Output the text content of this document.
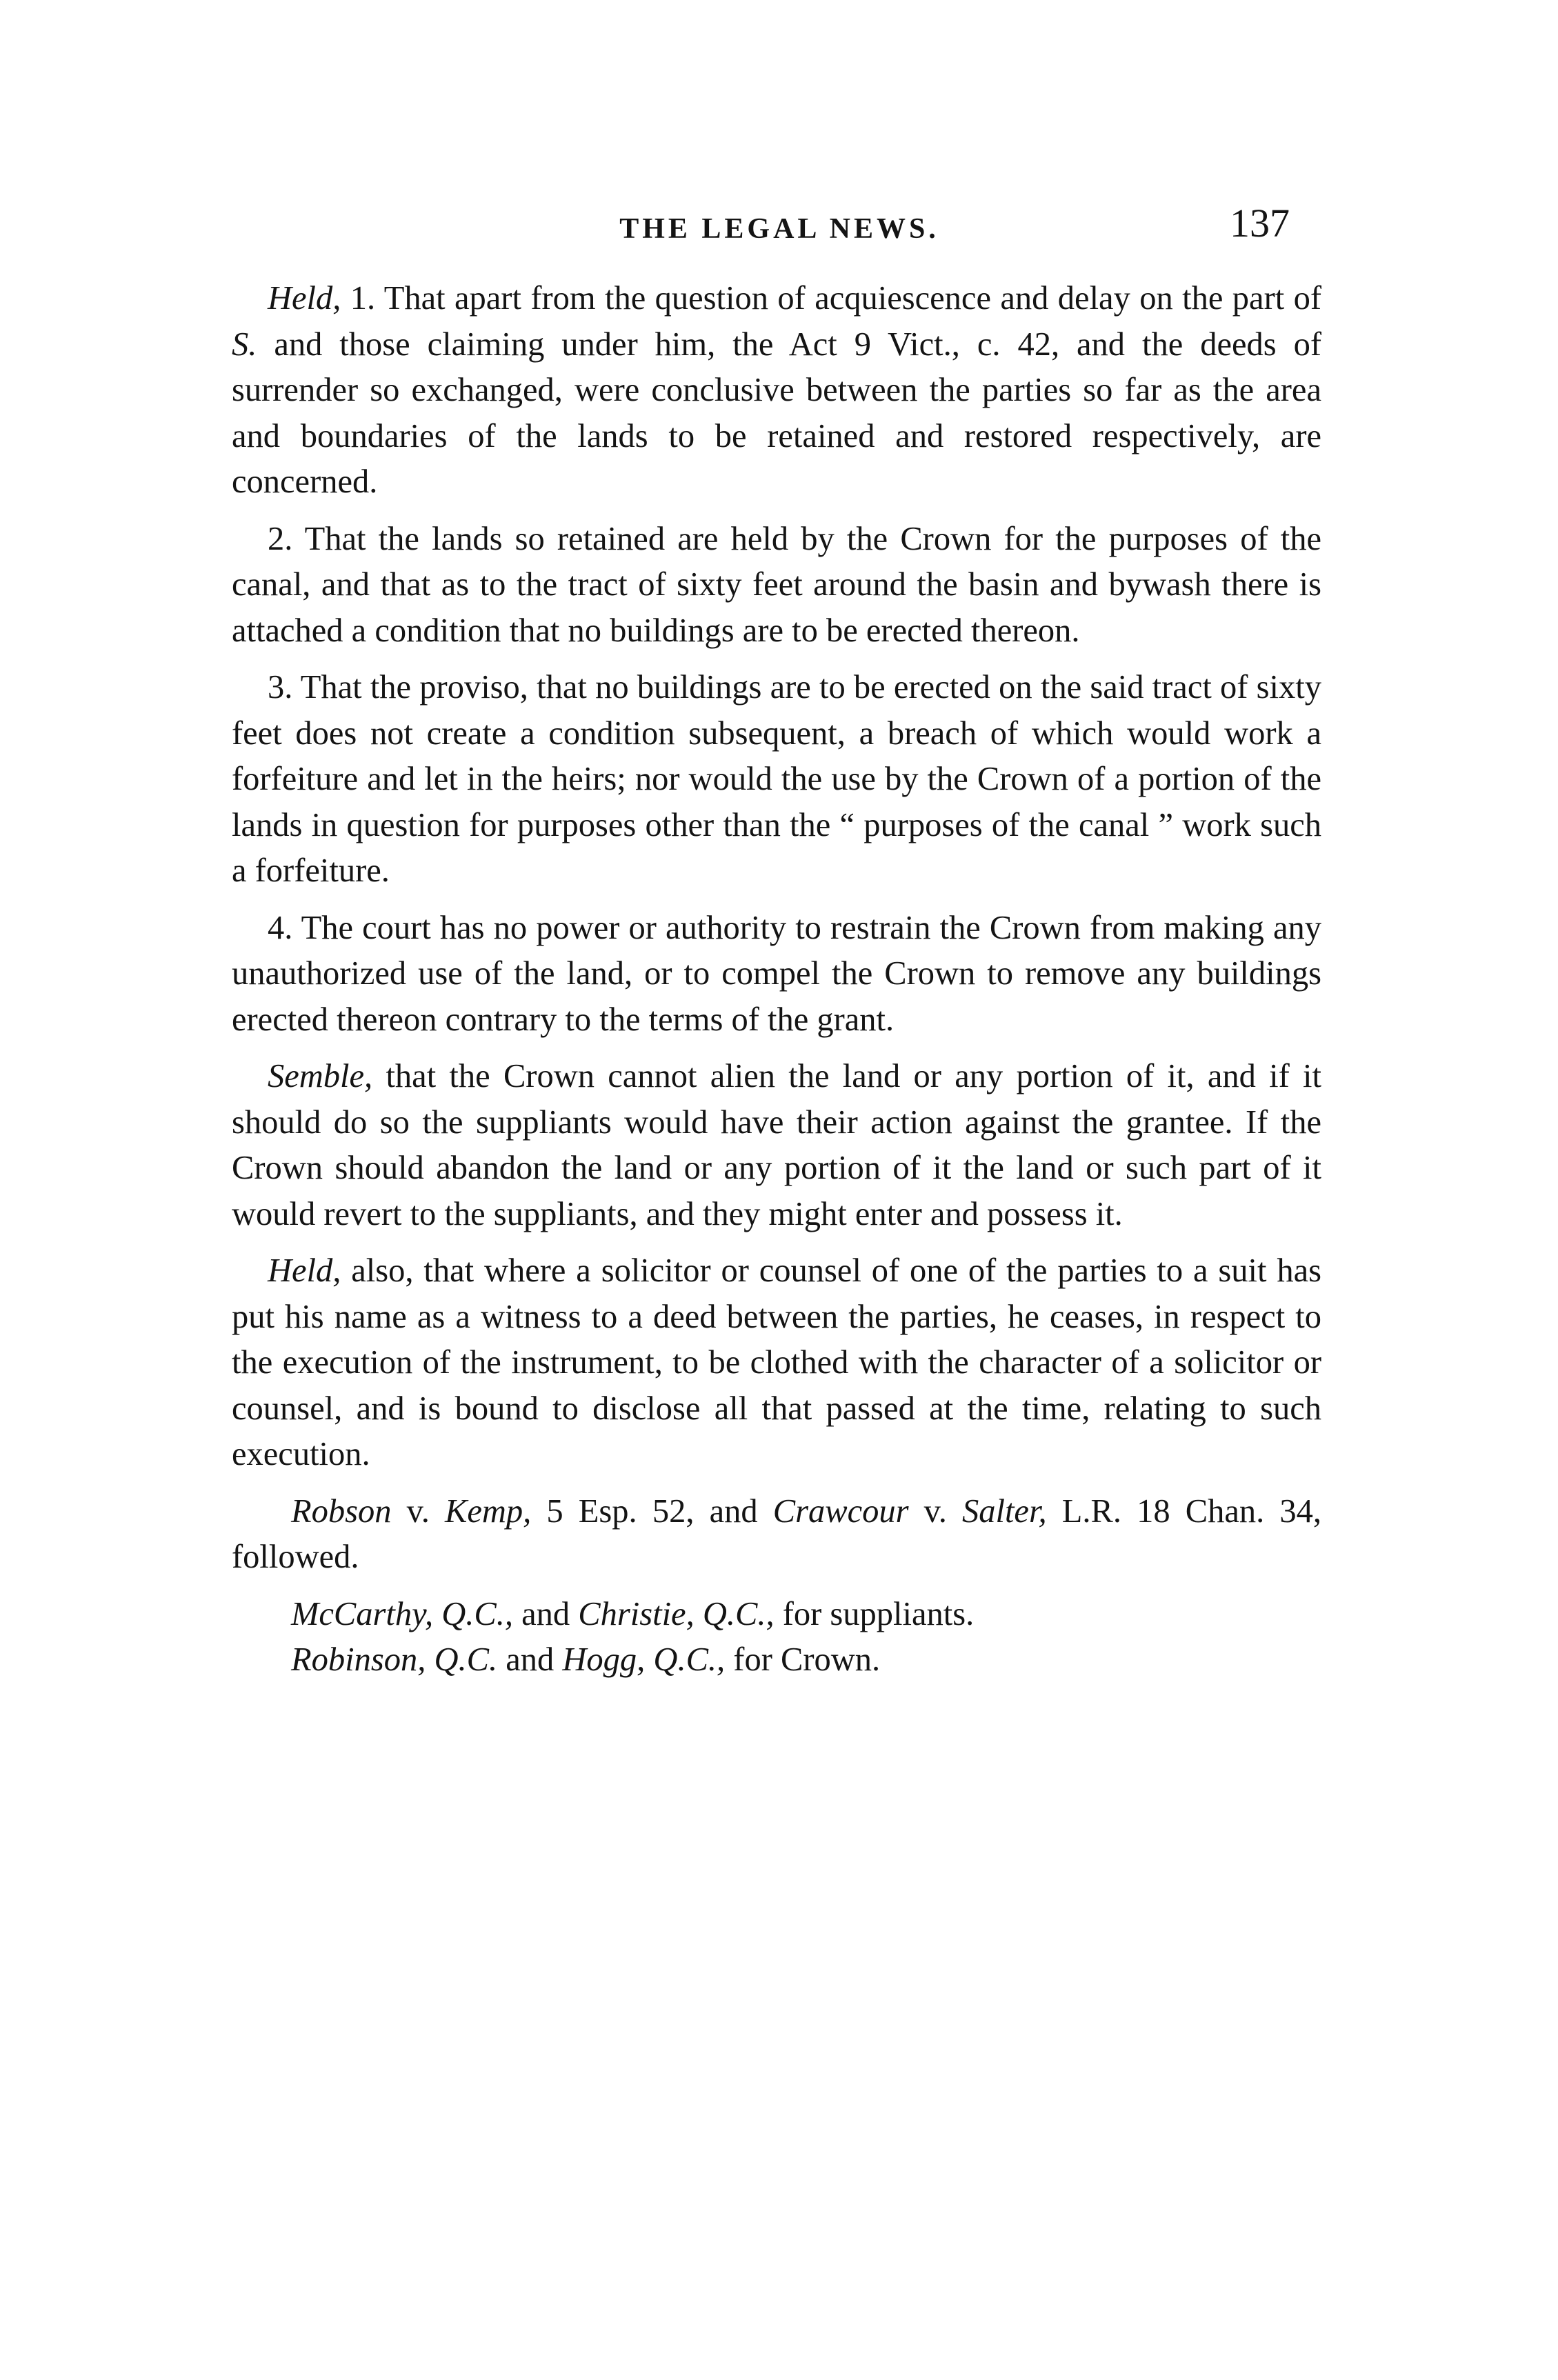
THE LEGAL NEWS.	137

Held, 1. That apart from the question of acquiescence and delay on the part of S. and those claiming under him, the Act 9 Vict., c. 42, and the deeds of surrender so exchanged, were conclusive between the parties so far as the area and boundaries of the lands to be retained and restored respectively, are concerned.

2. That the lands so retained are held by the Crown for the purposes of the canal, and that as to the tract of sixty feet around the basin and bywash there is attached a condition that no buildings are to be erected thereon.

3. That the proviso, that no buildings are to be erected on the said tract of sixty feet does not create a condition subsequent, a breach of which would work a forfeiture and let in the heirs; nor would the use by the Crown of a portion of the lands in question for purposes other than the “ purposes of the canal ” work such a forfeiture.

4. The court has no power or authority to restrain the Crown from making any unauthorized use of the land, or to compel the Crown to remove any buildings erected thereon contrary to the terms of the grant.

Semble, that the Crown cannot alien the land or any portion of it, and if it should do so the suppliants would have their action against the grantee. If the Crown should abandon the land or any portion of it the land or such part of it would revert to the suppliants, and they might enter and possess it.

Held, also, that where a solicitor or counsel of one of the parties to a suit has put his name as a witness to a deed between the parties, he ceases, in respect to the execution of the instrument, to be clothed with the character of a solicitor or counsel, and is bound to disclose all that passed at the time, relating to such execution.

Robson v. Kemp, 5 Esp. 52, and Crawcour v. Salter, L.R. 18 Chan. 34, followed.

McCarthy, Q.C., and Christie, Q.C., for suppliants.

Robinson, Q.C. and Hogg, Q.C., for Crown.
